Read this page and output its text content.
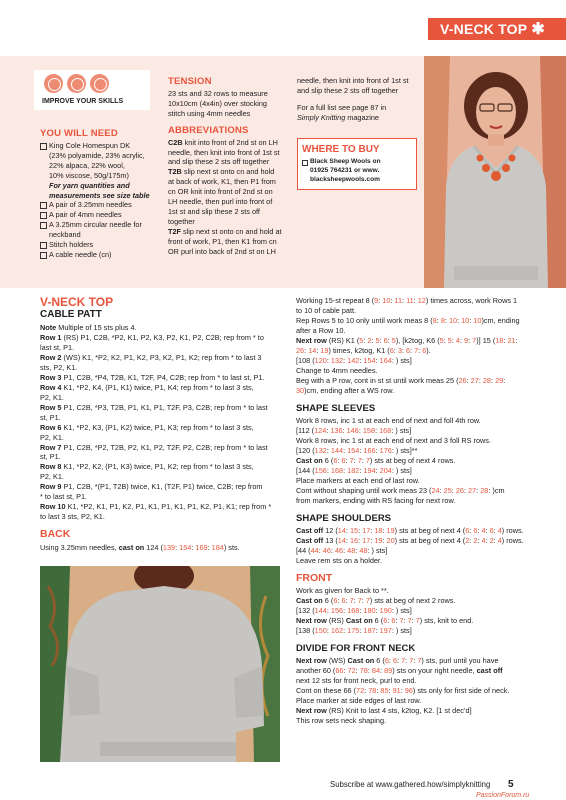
V-NECK TOP ✱
IMPROVE YOUR SKILLS
YOU WILL NEED
King Cole Homespun DK
(23% polyamide, 23% acrylic,
22% alpaca, 22% wool,
10% viscose, 50g/175m)
For yarn quantities and
measurements see size table
A pair of 3.25mm needles
A pair of 4mm needles
A 3.25mm circular needle for
neckband
Stitch holders
A cable needle (cn)
TENSION
23 sts and 32 rows to measure
10x10cm (4x4in) over stocking
stitch using 4mm needles
ABBREVIATIONS
C2B knit into front of 2nd st on LH
needle, then knit into front of 1st st
and slip these 2 sts off together
T2B slip next st onto cn and hold
at back of work, K1, then P1 from
cn OR knit into front of 2nd st on
LH needle, then purl into front of
1st st and slip these 2 sts off
together
T2F slip next st onto cn and hold at
front of work, P1, then K1 from cn
OR purl into back of 2nd st on LH
needle, then knit into front of 1st st
and slip these 2 sts off together
For a full list see page 87 in
Simply Knitting magazine
WHERE TO BUY
Black Sheep Wools on
01925 764231 or www.
blacksheepwools.com
V-NECK TOP
CABLE PATT
Note Multiple of 15 sts plus 4.
Row 1 (RS) P1, C2B, *P2, K1, P2, K3, P2, K1, P2, C2B; rep from * to
last st, P1.
Row 2 (WS) K1, *P2, K2, P1, K2, P3, K2, P1, K2; rep from * to last 3
sts, P2, K1.
Row 3 P1, C2B, *P4, T2B, K1, T2F, P4, C2B; rep from * to last st, P1.
Row 4 K1, *P2, K4, (P1, K1) twice, P1, K4; rep from * to last 3 sts,
P2, K1.
Row 5 P1, C2B, *P3, T2B, P1, K1, P1, T2F, P3, C2B; rep from * to last
st, P1.
Row 6 K1, *P2, K3, (P1, K2) twice, P1, K3; rep from * to last 3 sts,
P2, K1.
Row 7 P1, C2B, *P2, T2B, P2, K1, P2, T2F, P2, C2B; rep from * to last
st, P1.
Row 8 K1, *P2, K2, (P1, K3) twice, P1, K2; rep from * to last 3 sts,
P2, K1.
Row 9 P1, C2B, *(P1, T2B) twice, K1, (T2F, P1) twice, C2B; rep from
* to last st, P1.
Row 10 K1, *P2, K1, P1, K2, P1, K1, P1, K1, P1, K2, P1, K1; rep from *
to last 3 sts, P2, K1.
BACK
Using 3.25mm needles, cast on 124 (139: 154: 169: 184) sts.
Working 15-st repeat 8 (9: 10: 11: 11: 12) times across, work Rows 1
to 10 of cable patt.
Rep Rows 5 to 10 only until work meas 8 (8: 8: 10: 10: 10)cm, ending
after a Row 10.
Next row (RS) K1 (5: 2: 5: 6: 5), [k2tog, K6 (5: 5: 4: 9: 7)] 15 (18: 21:
26: 14: 19) times, k2tog, K1 (6: 3: 6: 7: 6).
[108 (120: 132: 142: 154: 164: ) sts]
Change to 4mm needles.
Beg with a P row, cont in st st until work meas 25 (26: 27: 28: 29:
30)cm, ending after a WS row.
SHAPE SLEEVES
Work 8 rows, inc 1 st at each end of next and foll 4th row.
[112 (124: 136: 146: 158: 168: ) sts]
Work 8 rows, inc 1 st at each end of next and 3 foll RS rows.
[120 (132: 144: 154: 166: 176: ) sts]**
Cast on 6 (6: 6: 7: 7: 7) sts at beg of next 4 rows.
[144 (156: 168: 182: 194: 204: ) sts]
Place markers at each end of last row.
Cont without shaping until work meas 23 (24: 25: 26: 27: 28: )cm
from markers, ending with RS facing for next row.
SHAPE SHOULDERS
Cast off 12 (14: 15: 17: 18: 19) sts at beg of next 4 (6: 6: 4: 6: 4) rows.
Cast off 13 (14: 16: 17: 19: 20) sts at beg of next 4 (2: 2: 4: 2: 4) rows.
[44 (44: 46: 46: 48: 48: ) sts]
Leave rem sts on a holder.
FRONT
Work as given for Back to **.
Cast on 6 (6: 6: 7: 7: 7) sts at beg of next 2 rows.
[132 (144: 156: 168: 180: 190: ) sts]
Next row (RS) Cast on 6 (6: 6: 7: 7: 7) sts, knit to end.
[138 (150: 162: 175: 187: 197: ) sts]
DIVIDE FOR FRONT NECK
Next row (WS) Cast on 6 (6: 6: 7: 7: 7) sts, purl until you have
another 60 (66: 72: 78: 84: 89) sts on your right needle, cast off
next 12 sts for front neck, purl to end.
Cont on these 66 (72: 78: 85: 91: 96) sts only for first side of neck.
Place marker at side edges of last row.
Next row (RS) Knit to last 4 sts, k2tog, K2. [1 st dec’d]
This row sets neck shaping.
Subscribe at www.gathered.how/simplyknitting 5
PassionForum.ru
